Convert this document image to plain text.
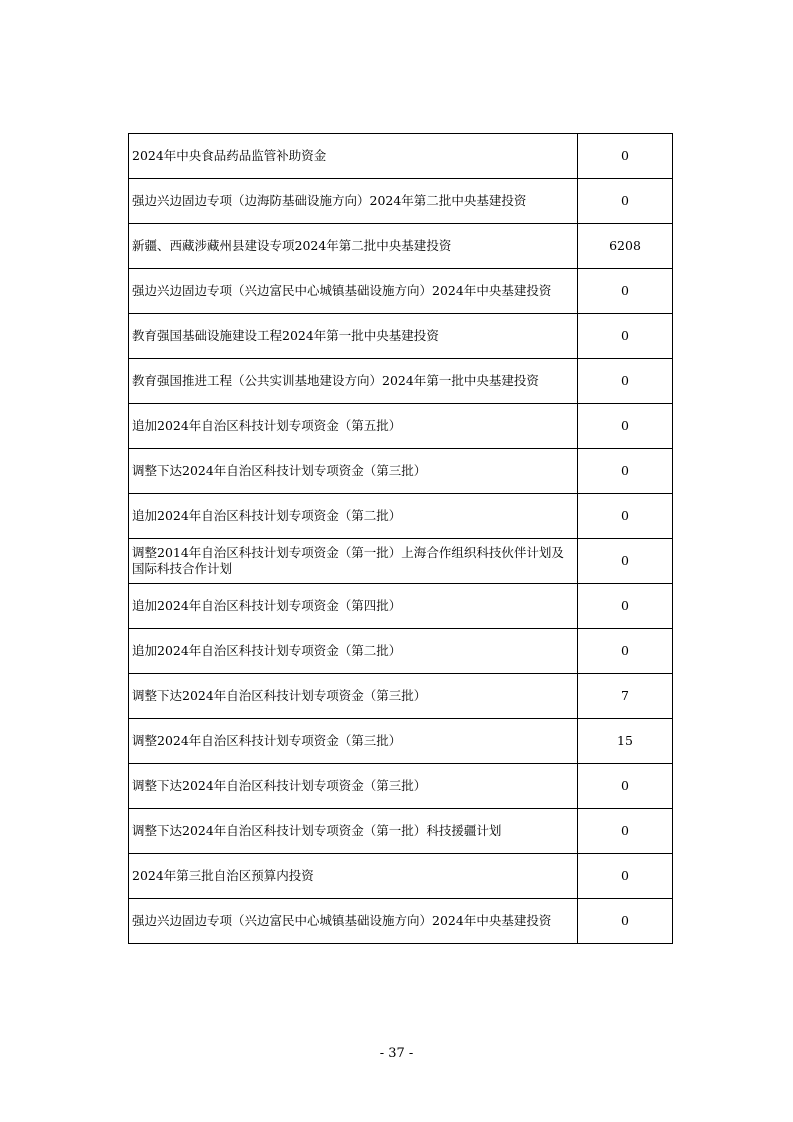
2024年中央食品药品监管补助资金	0
强边兴边固边专项（边海防基础设施方向）2024年第二批中央基建投资	0
新疆、西藏涉藏州县建设专项2024年第二批中央基建投资	6208
强边兴边固边专项（兴边富民中心城镇基础设施方向）2024年中央基建投资	0
教育强国基础设施建设工程2024年第一批中央基建投资	0
教育强国推进工程（公共实训基地建设方向）2024年第一批中央基建投资	0
追加2024年自治区科技计划专项资金（第五批）	0
调整下达2024年自治区科技计划专项资金（第三批）	0
追加2024年自治区科技计划专项资金（第二批）	0
调整2014年自治区科技计划专项资金（第一批）上海合作组织科技伙伴计划及国际科技合作计划	0
追加2024年自治区科技计划专项资金（第四批）	0
追加2024年自治区科技计划专项资金（第二批）	0
调整下达2024年自治区科技计划专项资金（第三批）	7
调整2024年自治区科技计划专项资金（第三批）	15
调整下达2024年自治区科技计划专项资金（第三批）	0
调整下达2024年自治区科技计划专项资金（第一批）科技援疆计划	0
2024年第三批自治区预算内投资	0
强边兴边固边专项（兴边富民中心城镇基础设施方向）2024年中央基建投资	0
- 37 -
